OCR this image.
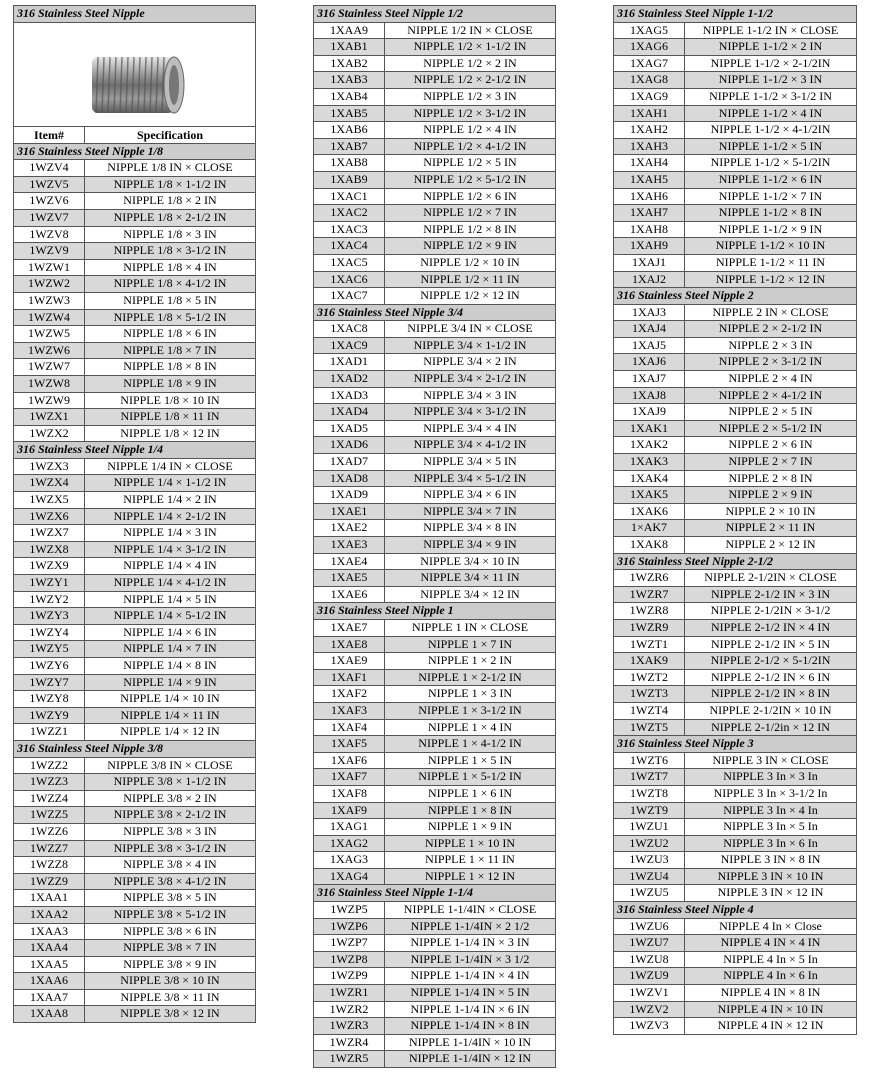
316 Stainless Steel Nipple
Item#	Specification
316 Stainless Steel Nipple 1/8
1WZV4	NIPPLE 1/8 IN × CLOSE
1WZV5	NIPPLE 1/8 × 1-1/2 IN
1WZV6	NIPPLE 1/8 × 2 IN
1WZV7	NIPPLE 1/8 × 2-1/2 IN
1WZV8	NIPPLE 1/8 × 3 IN
1WZV9	NIPPLE 1/8 × 3-1/2 IN
1WZW1	NIPPLE 1/8 × 4 IN
1WZW2	NIPPLE 1/8 × 4-1/2 IN
1WZW3	NIPPLE 1/8 × 5 IN
1WZW4	NIPPLE 1/8 × 5-1/2 IN
1WZW5	NIPPLE 1/8 × 6 IN
1WZW6	NIPPLE 1/8 × 7 IN
1WZW7	NIPPLE 1/8 × 8 IN
1WZW8	NIPPLE 1/8 × 9 IN
1WZW9	NIPPLE 1/8 × 10 IN
1WZX1	NIPPLE 1/8 × 11 IN
1WZX2	NIPPLE 1/8 × 12 IN
316 Stainless Steel Nipple 1/4
1WZX3	NIPPLE 1/4 IN × CLOSE
1WZX4	NIPPLE 1/4 × 1-1/2 IN
1WZX5	NIPPLE 1/4 × 2 IN
1WZX6	NIPPLE 1/4 × 2-1/2 IN
1WZX7	NIPPLE 1/4 × 3 IN
1WZX8	NIPPLE 1/4 × 3-1/2 IN
1WZX9	NIPPLE 1/4 × 4 IN
1WZY1	NIPPLE 1/4 × 4-1/2 IN
1WZY2	NIPPLE 1/4 × 5 IN
1WZY3	NIPPLE 1/4 × 5-1/2 IN
1WZY4	NIPPLE 1/4 × 6 IN
1WZY5	NIPPLE 1/4 × 7 IN
1WZY6	NIPPLE 1/4 × 8 IN
1WZY7	NIPPLE 1/4 × 9 IN
1WZY8	NIPPLE 1/4 × 10 IN
1WZY9	NIPPLE 1/4 × 11 IN
1WZZ1	NIPPLE 1/4 × 12 IN
316 Stainless Steel Nipple 3/8
1WZZ2	NIPPLE 3/8 IN × CLOSE
1WZZ3	NIPPLE 3/8 × 1-1/2 IN
1WZZ4	NIPPLE 3/8 × 2 IN
1WZZ5	NIPPLE 3/8 × 2-1/2 IN
1WZZ6	NIPPLE 3/8 × 3 IN
1WZZ7	NIPPLE 3/8 × 3-1/2 IN
1WZZ8	NIPPLE 3/8 × 4 IN
1WZZ9	NIPPLE 3/8 × 4-1/2 IN
1XAA1	NIPPLE 3/8 × 5 IN
1XAA2	NIPPLE 3/8 × 5-1/2 IN
1XAA3	NIPPLE 3/8 × 6 IN
1XAA4	NIPPLE 3/8 × 7 IN
1XAA5	NIPPLE 3/8 × 9 IN
1XAA6	NIPPLE 3/8 × 10 IN
1XAA7	NIPPLE 3/8 × 11 IN
1XAA8	NIPPLE 3/8 × 12 IN
316 Stainless Steel Nipple 1/2
1XAA9	NIPPLE 1/2 IN × CLOSE
1XAB1	NIPPLE 1/2 × 1-1/2 IN
1XAB2	NIPPLE 1/2 × 2 IN
1XAB3	NIPPLE 1/2 × 2-1/2 IN
1XAB4	NIPPLE 1/2 × 3 IN
1XAB5	NIPPLE 1/2 × 3-1/2 IN
1XAB6	NIPPLE 1/2 × 4 IN
1XAB7	NIPPLE 1/2 × 4-1/2 IN
1XAB8	NIPPLE 1/2 × 5 IN
1XAB9	NIPPLE 1/2 × 5-1/2 IN
1XAC1	NIPPLE 1/2 × 6 IN
1XAC2	NIPPLE 1/2 × 7 IN
1XAC3	NIPPLE 1/2 × 8 IN
1XAC4	NIPPLE 1/2 × 9 IN
1XAC5	NIPPLE 1/2 × 10 IN
1XAC6	NIPPLE 1/2 × 11 IN
1XAC7	NIPPLE 1/2 × 12 IN
316 Stainless Steel Nipple 3/4
1XAC8	NIPPLE 3/4 IN × CLOSE
1XAC9	NIPPLE 3/4 × 1-1/2 IN
1XAD1	NIPPLE 3/4 × 2 IN
1XAD2	NIPPLE 3/4 × 2-1/2 IN
1XAD3	NIPPLE 3/4 × 3 IN
1XAD4	NIPPLE 3/4 × 3-1/2 IN
1XAD5	NIPPLE 3/4 × 4 IN
1XAD6	NIPPLE 3/4 × 4-1/2 IN
1XAD7	NIPPLE 3/4 × 5 IN
1XAD8	NIPPLE 3/4 × 5-1/2 IN
1XAD9	NIPPLE 3/4 × 6 IN
1XAE1	NIPPLE 3/4 × 7 IN
1XAE2	NIPPLE 3/4 × 8 IN
1XAE3	NIPPLE 3/4 × 9 IN
1XAE4	NIPPLE 3/4 × 10 IN
1XAE5	NIPPLE 3/4 × 11 IN
1XAE6	NIPPLE 3/4 × 12 IN
316 Stainless Steel Nipple 1
1XAE7	NIPPLE 1 IN × CLOSE
1XAE8	NIPPLE 1 × 7 IN
1XAE9	NIPPLE 1 × 2 IN
1XAF1	NIPPLE 1 × 2-1/2 IN
1XAF2	NIPPLE 1 × 3 IN
1XAF3	NIPPLE 1 × 3-1/2 IN
1XAF4	NIPPLE 1 × 4 IN
1XAF5	NIPPLE 1 × 4-1/2 IN
1XAF6	NIPPLE 1 × 5 IN
1XAF7	NIPPLE 1 × 5-1/2 IN
1XAF8	NIPPLE 1 × 6 IN
1XAF9	NIPPLE 1 × 8 IN
1XAG1	NIPPLE 1 × 9 IN
1XAG2	NIPPLE 1 × 10 IN
1XAG3	NIPPLE 1 × 11 IN
1XAG4	NIPPLE 1 × 12 IN
316 Stainless Steel Nipple 1-1/4
1WZP5	NIPPLE 1-1/4IN × CLOSE
1WZP6	NIPPLE 1-1/4IN × 2 1/2
1WZP7	NIPPLE 1-1/4 IN × 3 IN
1WZP8	NIPPLE 1-1/4IN × 3 1/2
1WZP9	NIPPLE 1-1/4 IN × 4 IN
1WZR1	NIPPLE 1-1/4 IN × 5 IN
1WZR2	NIPPLE 1-1/4 IN × 6 IN
1WZR3	NIPPLE 1-1/4 IN × 8 IN
1WZR4	NIPPLE 1-1/4IN × 10 IN
1WZR5	NIPPLE 1-1/4IN × 12 IN
316 Stainless Steel Nipple 1-1/2
1XAG5	NIPPLE 1-1/2 IN × CLOSE
1XAG6	NIPPLE 1-1/2 × 2 IN
1XAG7	NIPPLE 1-1/2 × 2-1/2IN
1XAG8	NIPPLE 1-1/2 × 3 IN
1XAG9	NIPPLE 1-1/2 × 3-1/2 IN
1XAH1	NIPPLE 1-1/2 × 4 IN
1XAH2	NIPPLE 1-1/2 × 4-1/2IN
1XAH3	NIPPLE 1-1/2 × 5 IN
1XAH4	NIPPLE 1-1/2 × 5-1/2IN
1XAH5	NIPPLE 1-1/2 × 6 IN
1XAH6	NIPPLE 1-1/2 × 7 IN
1XAH7	NIPPLE 1-1/2 × 8 IN
1XAH8	NIPPLE 1-1/2 × 9 IN
1XAH9	NIPPLE 1-1/2 × 10 IN
1XAJ1	NIPPLE 1-1/2 × 11 IN
1XAJ2	NIPPLE 1-1/2 × 12 IN
316 Stainless Steel Nipple 2
1XAJ3	NIPPLE 2 IN × CLOSE
1XAJ4	NIPPLE 2 × 2-1/2 IN
1XAJ5	NIPPLE 2 × 3 IN
1XAJ6	NIPPLE 2 × 3-1/2 IN
1XAJ7	NIPPLE 2 × 4 IN
1XAJ8	NIPPLE 2 × 4-1/2 IN
1XAJ9	NIPPLE 2 × 5 IN
1XAK1	NIPPLE 2 × 5-1/2 IN
1XAK2	NIPPLE 2 × 6 IN
1XAK3	NIPPLE 2 × 7 IN
1XAK4	NIPPLE 2 × 8 IN
1XAK5	NIPPLE 2 × 9 IN
1XAK6	NIPPLE 2 × 10 IN
1×AK7	NIPPLE 2 × 11 IN
1XAK8	NIPPLE 2 × 12 IN
316 Stainless Steel Nipple 2-1/2
1WZR6	NIPPLE 2-1/2IN × CLOSE
1WZR7	NIPPLE 2-1/2 IN × 3 IN
1WZR8	NIPPLE 2-1/2IN × 3-1/2
1WZR9	NIPPLE 2-1/2 IN × 4 IN
1WZT1	NIPPLE 2-1/2 IN × 5 IN
1XAK9	NIPPLE 2-1/2 × 5-1/2IN
1WZT2	NIPPLE 2-1/2 IN × 6 IN
1WZT3	NIPPLE 2-1/2 IN × 8 IN
1WZT4	NIPPLE 2-1/2IN × 10 IN
1WZT5	NIPPLE 2-1/2in × 12 IN
316 Stainless Steel Nipple 3
1WZT6	NIPPLE 3 IN × CLOSE
1WZT7	NIPPLE 3 In × 3 In
1WZT8	NIPPLE 3 In × 3-1/2 In
1WZT9	NIPPLE 3 In × 4 In
1WZU1	NIPPLE 3 In × 5 In
1WZU2	NIPPLE 3 In × 6 In
1WZU3	NIPPLE 3 IN × 8 IN
1WZU4	NIPPLE 3 IN × 10 IN
1WZU5	NIPPLE 3 IN × 12 IN
316 Stainless Steel Nipple 4
1WZU6	NIPPLE 4 In × Close
1WZU7	NIPPLE 4 IN × 4 IN
1WZU8	NIPPLE 4 In × 5 In
1WZU9	NIPPLE 4 In × 6 In
1WZV1	NIPPLE 4 IN × 8 IN
1WZV2	NIPPLE 4 IN × 10 IN
1WZV3	NIPPLE 4 IN × 12 IN
